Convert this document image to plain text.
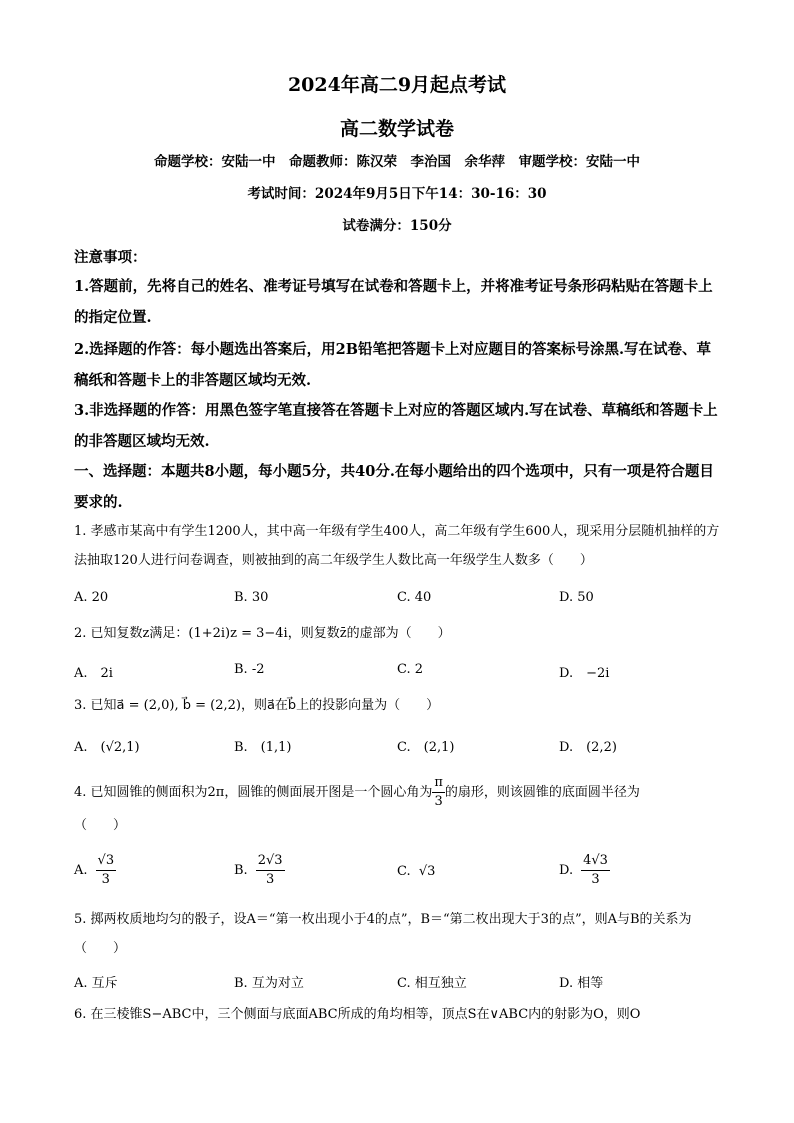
2024年高二9月起点考试
高二数学试卷
命题学校：安陆一中　命题教师：陈汉荣　李治国　余华萍　审题学校：安陆一中
考试时间：2024年9月5日下午14：30-16：30
试卷满分：150分
注意事项：
1.答题前，先将自己的姓名、准考证号填写在试卷和答题卡上，并将准考证号条形码粘贴在答题卡上的指定位置.
2.选择题的作答：每小题选出答案后，用2B铅笔把答题卡上对应题目的答案标号涂黑.写在试卷、草稿纸和答题卡上的非答题区域均无效.
3.非选择题的作答：用黑色签字笔直接答在答题卡上对应的答题区域内.写在试卷、草稿纸和答题卡上的非答题区域均无效.
一、选择题：本题共8小题，每小题5分，共40分.在每小题给出的四个选项中，只有一项是符合题目要求的.
1. 孝感市某高中有学生1200人，其中高一年级有学生400人，高二年级有学生600人，现采用分层随机抽样的方法抽取120人进行问卷调查，则被抽到的高二年级学生人数比高一年级学生人数多（　　）
A. 20	B. 30	C. 40	D. 50
2. 已知复数z满足：(1+2i)z = 3−4i，则复数z̄的虚部为（　　）
A.　2i	B. -2	C. 2	D.　−2i
3. 已知a⃗ = (2,0), b⃗ = (2,2)，则a⃗在b⃗上的投影向量为（　　）
A.　(√2,1)	B.　(1,1)	C.　(2,1)	D.　(2,2)
4. 已知圆锥的侧面积为2π，圆锥的侧面展开图是一个圆心角为 $\frac{\pi}{3}$ 的扇形，则该圆锥的底面圆半径为
（　　）
A. $\frac{√3}{3}$	B. $\frac{2√3}{3}$	C. √3	D. $\frac{4√3}{3}$
5. 掷两枚质地均匀的骰子，设A＝“第一枚出现小于4的点”，B＝“第二枚出现大于3的点”，则A与B的关系为（　　）
A. 互斥	B. 互为对立	C. 相互独立	D. 相等
6. 在三棱锥S−ABC中，三个侧面与底面ABC所成的角均相等，顶点S在∨ABC内的射影为O，则O
